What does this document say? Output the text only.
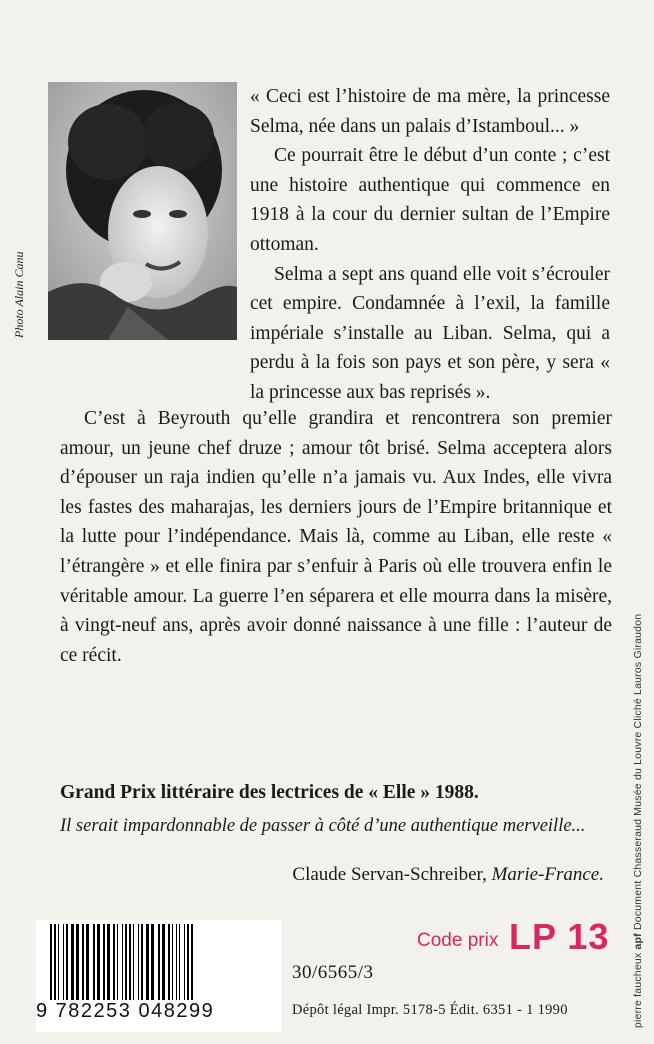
Photo Alain Canu

« Ceci est l’histoire de ma mère, la princesse Selma, née dans un palais d’Istamboul... »
Ce pourrait être le début d’un conte ; c’est une histoire authentique qui commence en 1918 à la cour du dernier sultan de l’Empire ottoman.
Selma a sept ans quand elle voit s’écrouler cet empire. Condamnée à l’exil, la famille impériale s’installe au Liban. Selma, qui a perdu à la fois son pays et son père, y sera « la princesse aux bas reprisés ».

C’est à Beyrouth qu’elle grandira et rencontrera son premier amour, un jeune chef druze ; amour tôt brisé. Selma acceptera alors d’épouser un raja indien qu’elle n’a jamais vu. Aux Indes, elle vivra les fastes des maharajas, les derniers jours de l’Empire britannique et la lutte pour l’indépendance. Mais là, comme au Liban, elle reste « l’étrangère » et elle finira par s’enfuir à Paris où elle trouvera enfin le véritable amour. La guerre l’en séparera et elle mourra dans la misère, à vingt-neuf ans, après avoir donné naissance à une fille : l’auteur de ce récit.

Grand Prix littéraire des lectrices de « Elle » 1988.
Il serait impardonnable de passer à côté d’une authentique merveille...
Claude Servan-Schreiber, Marie-France.
pierre faucheux apf Document Chasseraud Musée du Louvre Cliché Lauros Giraudon
9 782253 048299
30/6565/3
Code prix LP 13
Dépôt légal Impr. 5178-5 Édit. 6351 - 1 1990
